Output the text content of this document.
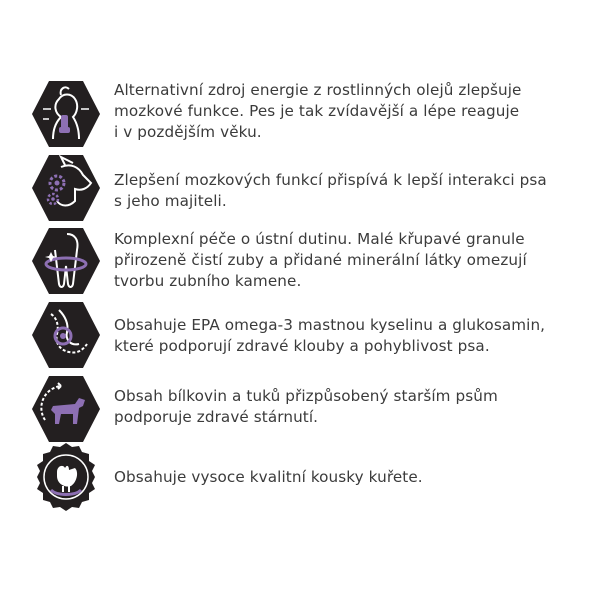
Alternativní zdroj energie z rostlinných olejů zlepšuje
mozkové funkce. Pes je tak zvídavější a lépe reaguje
i v pozdějším věku.

Zlepšení mozkových funkcí přispívá k lepší interakci psa
s jeho majiteli.

Komplexní péče o ústní dutinu. Malé křupavé granule
přirozeně čistí zuby a přidané minerální látky omezují
tvorbu zubního kamene.

Obsahuje EPA omega-3 mastnou kyselinu a glukosamin,
které podporují zdravé klouby a pohyblivost psa.

Obsah bílkovin a tuků přizpůsobený starším psům
podporuje zdravé stárnutí.

Obsahuje vysoce kvalitní kousky kuřete.
